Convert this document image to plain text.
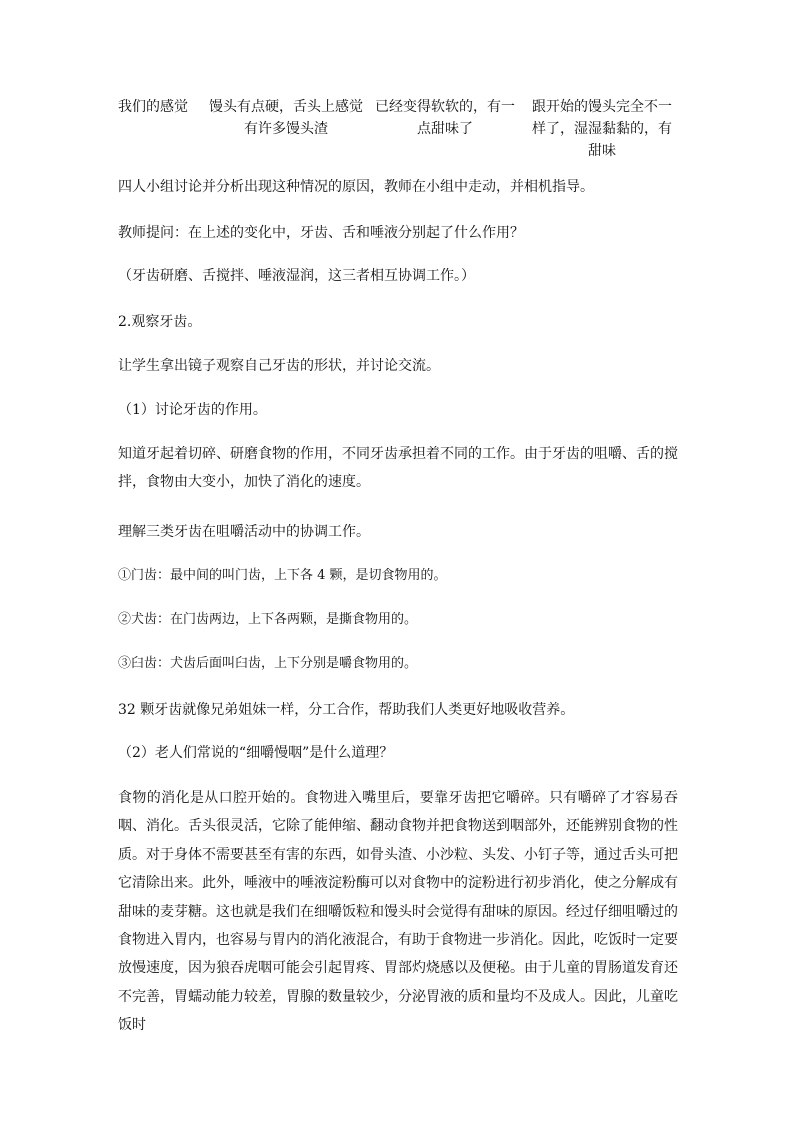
我们的感觉	馒头有点硬，舌头上感觉有许多馒头渣
已经变得软软的，有一点甜味了
跟开始的馒头完全不一样了，湿湿黏黏的，有甜味

四人小组讨论并分析出现这种情况的原因，教师在小组中走动，并相机指导。

教师提问：在上述的变化中，牙齿、舌和唾液分别起了什么作用？

（牙齿研磨、舌搅拌、唾液湿润，这三者相互协调工作。）

2.观察牙齿。

让学生拿出镜子观察自己牙齿的形状，并讨论交流。

（1）讨论牙齿的作用。

知道牙起着切碎、研磨食物的作用，不同牙齿承担着不同的工作。由于牙齿的咀嚼、舌的搅拌，食物由大变小，加快了消化的速度。

理解三类牙齿在咀嚼活动中的协调工作。

①门齿：最中间的叫门齿，上下各 4 颗，是切食物用的。

②犬齿：在门齿两边，上下各两颗，是撕食物用的。

③臼齿：犬齿后面叫臼齿，上下分别是嚼食物用的。

32 颗牙齿就像兄弟姐妹一样，分工合作，帮助我们人类更好地吸收营养。

（2）老人们常说的“细嚼慢咽”是什么道理？

食物的消化是从口腔开始的。食物进入嘴里后，要靠牙齿把它嚼碎。只有嚼碎了才容易吞咽、消化。舌头很灵活，它除了能伸缩、翻动食物并把食物送到咽部外，还能辨别食物的性质。对于身体不需要甚至有害的东西，如骨头渣、小沙粒、头发、小钉子等，通过舌头可把它清除出来。此外，唾液中的唾液淀粉酶可以对食物中的淀粉进行初步消化，使之分解成有甜味的麦芽糖。这也就是我们在细嚼饭粒和馒头时会觉得有甜味的原因。经过仔细咀嚼过的食物进入胃内，也容易与胃内的消化液混合，有助于食物进一步消化。因此，吃饭时一定要放慢速度，因为狼吞虎咽可能会引起胃疼、胃部灼烧感以及便秘。由于儿童的胃肠道发育还不完善，胃蠕动能力较差，胃腺的数量较少，分泌胃液的质和量均不及成人。因此，儿童吃饭时
